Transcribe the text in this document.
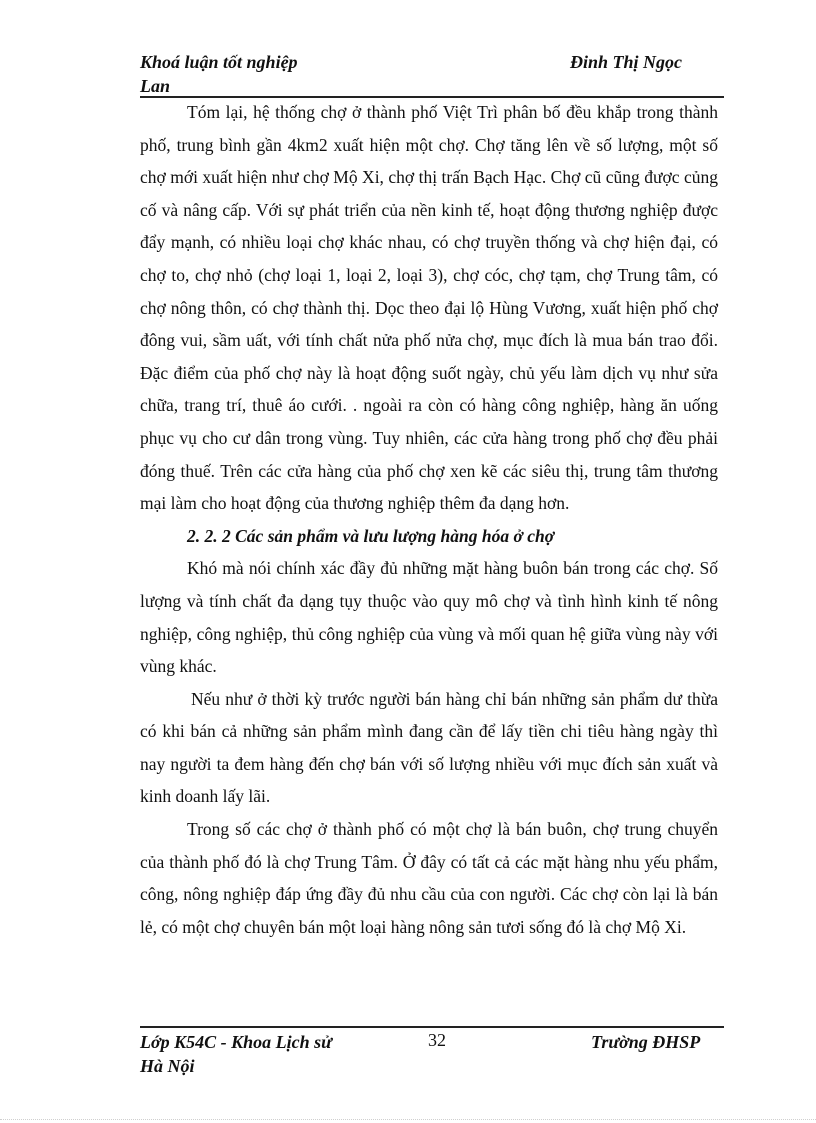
Khoá luận tốt nghiệp	Đinh Thị Ngọc
Lan

Tóm lại, hệ thống chợ ở thành phố Việt Trì phân bố đều khắp trong thành phố, trung bình gần 4km2 xuất hiện một chợ. Chợ tăng lên về số lượng, một số chợ mới xuất hiện như chợ Mộ Xi, chợ thị trấn Bạch Hạc. Chợ cũ cũng được củng cố và nâng cấp. Với sự phát triển của nền kinh tế, hoạt động thương nghiệp được đẩy mạnh, có nhiều loại chợ khác nhau, có chợ truyền thống và chợ hiện đại, có chợ to, chợ nhỏ (chợ loại 1, loại 2, loại 3), chợ cóc, chợ tạm, chợ Trung tâm, có chợ nông thôn, có chợ thành thị. Dọc theo đại lộ Hùng Vương, xuất hiện phố chợ đông vui, sầm uất, với tính chất nửa phố nửa chợ, mục đích là mua bán trao đổi. Đặc điểm của phố chợ này là hoạt động suốt ngày, chủ yếu làm dịch vụ như sửa chữa, trang trí, thuê áo cưới. . ngoài ra còn có hàng công nghiệp, hàng ăn uống phục vụ cho cư dân trong vùng. Tuy nhiên, các cửa hàng trong phố chợ đều phải đóng thuế. Trên các cửa hàng của phố chợ xen kẽ các siêu thị, trung tâm thương mại làm cho hoạt động của thương nghiệp thêm đa dạng hơn.

2. 2. 2 Các sản phẩm và lưu lượng hàng hóa ở chợ

Khó mà nói chính xác đầy đủ những mặt hàng buôn bán trong các chợ. Số lượng và tính chất đa dạng tụy thuộc vào quy mô chợ và tình hình kinh tế nông nghiệp, công nghiệp, thủ công nghiệp của vùng và mối quan hệ giữa vùng này với vùng khác.

Nếu như ở thời kỳ trước người bán hàng chỉ bán những sản phẩm dư thừa có khi bán cả những sản phẩm mình đang cần để lấy tiền chi tiêu hàng ngày thì nay người ta đem hàng đến chợ bán với số lượng nhiều với mục đích sản xuất và kinh doanh lấy lãi.

Trong số các chợ ở thành phố có một chợ là bán buôn, chợ trung chuyển của thành phố đó là chợ Trung Tâm. Ở đây có tất cả các mặt hàng nhu yếu phẩm, công, nông nghiệp đáp ứng đầy đủ nhu cầu của con người. Các chợ còn lại là bán lẻ, có một chợ chuyên bán một loại hàng nông sản tươi sống đó là chợ Mộ Xi.

Lớp K54C - Khoa Lịch sử	32	Trường ĐHSP
Hà Nội
